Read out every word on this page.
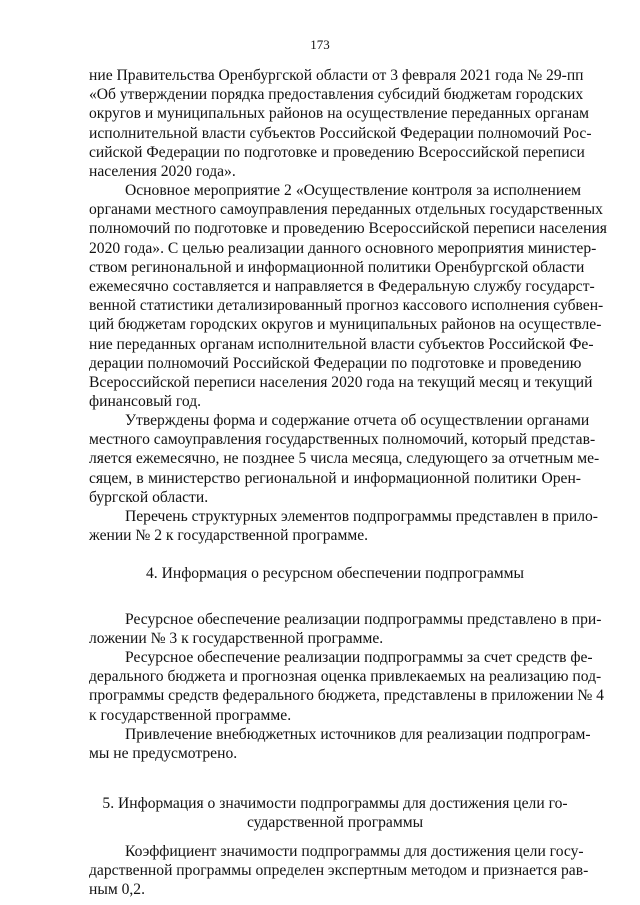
173
ние Правительства Оренбургской области от 3 февраля 2021 года № 29-пп
«Об утверждении порядка предоставления субсидий бюджетам городских
округов и муниципальных районов на осуществление переданных органам
исполнительной власти субъектов Российской Федерации полномочий Рос-
сийской Федерации по подготовке и проведению Всероссийской переписи
населения 2020 года».
Основное мероприятие 2 «Осуществление контроля за исполнением
органами местного самоуправления переданных отдельных государственных
полномочий по подготовке и проведению Всероссийской переписи населения
2020 года». С целью реализации данного основного мероприятия министер-
ством регинональной и информационной политики Оренбургской области
ежемесячно составляется и направляется в Федеральную службу государст-
венной статистики детализированный прогноз кассового исполнения субвен-
ций бюджетам городских округов и муниципальных районов на осуществле-
ние переданных органам исполнительной власти субъектов Российской Фе-
дерации полномочий Российской Федерации по подготовке и проведению
Всероссийской переписи населения 2020 года на текущий месяц и текущий
финансовый год.
Утверждены форма и содержание отчета об осуществлении органами
местного самоуправления государственных полномочий, который представ-
ляется ежемесячно, не позднее 5 числа месяца, следующего за отчетным ме-
сяцем, в министерство региональной и информационной политики Орен-
бургской области.
Перечень структурных элементов подпрограммы представлен в прило-
жении № 2 к государственной программе.
4. Информация о ресурсном обеспечении подпрограммы
Ресурсное обеспечение реализации подпрограммы представлено в при-
ложении № 3 к государственной программе.
Ресурсное обеспечение реализации подпрограммы за счет средств фе-
дерального бюджета и прогнозная оценка привлекаемых на реализацию под-
программы средств федерального бюджета, представлены в приложении № 4
к государственной программе.
Привлечение внебюджетных источников для реализации подпрограм-
мы не предусмотрено.
5. Информация о значимости подпрограммы для достижения цели го-
сударственной программы
Коэффициент значимости подпрограммы для достижения цели госу-
дарственной программы определен экспертным методом и признается рав-
ным 0,2.
